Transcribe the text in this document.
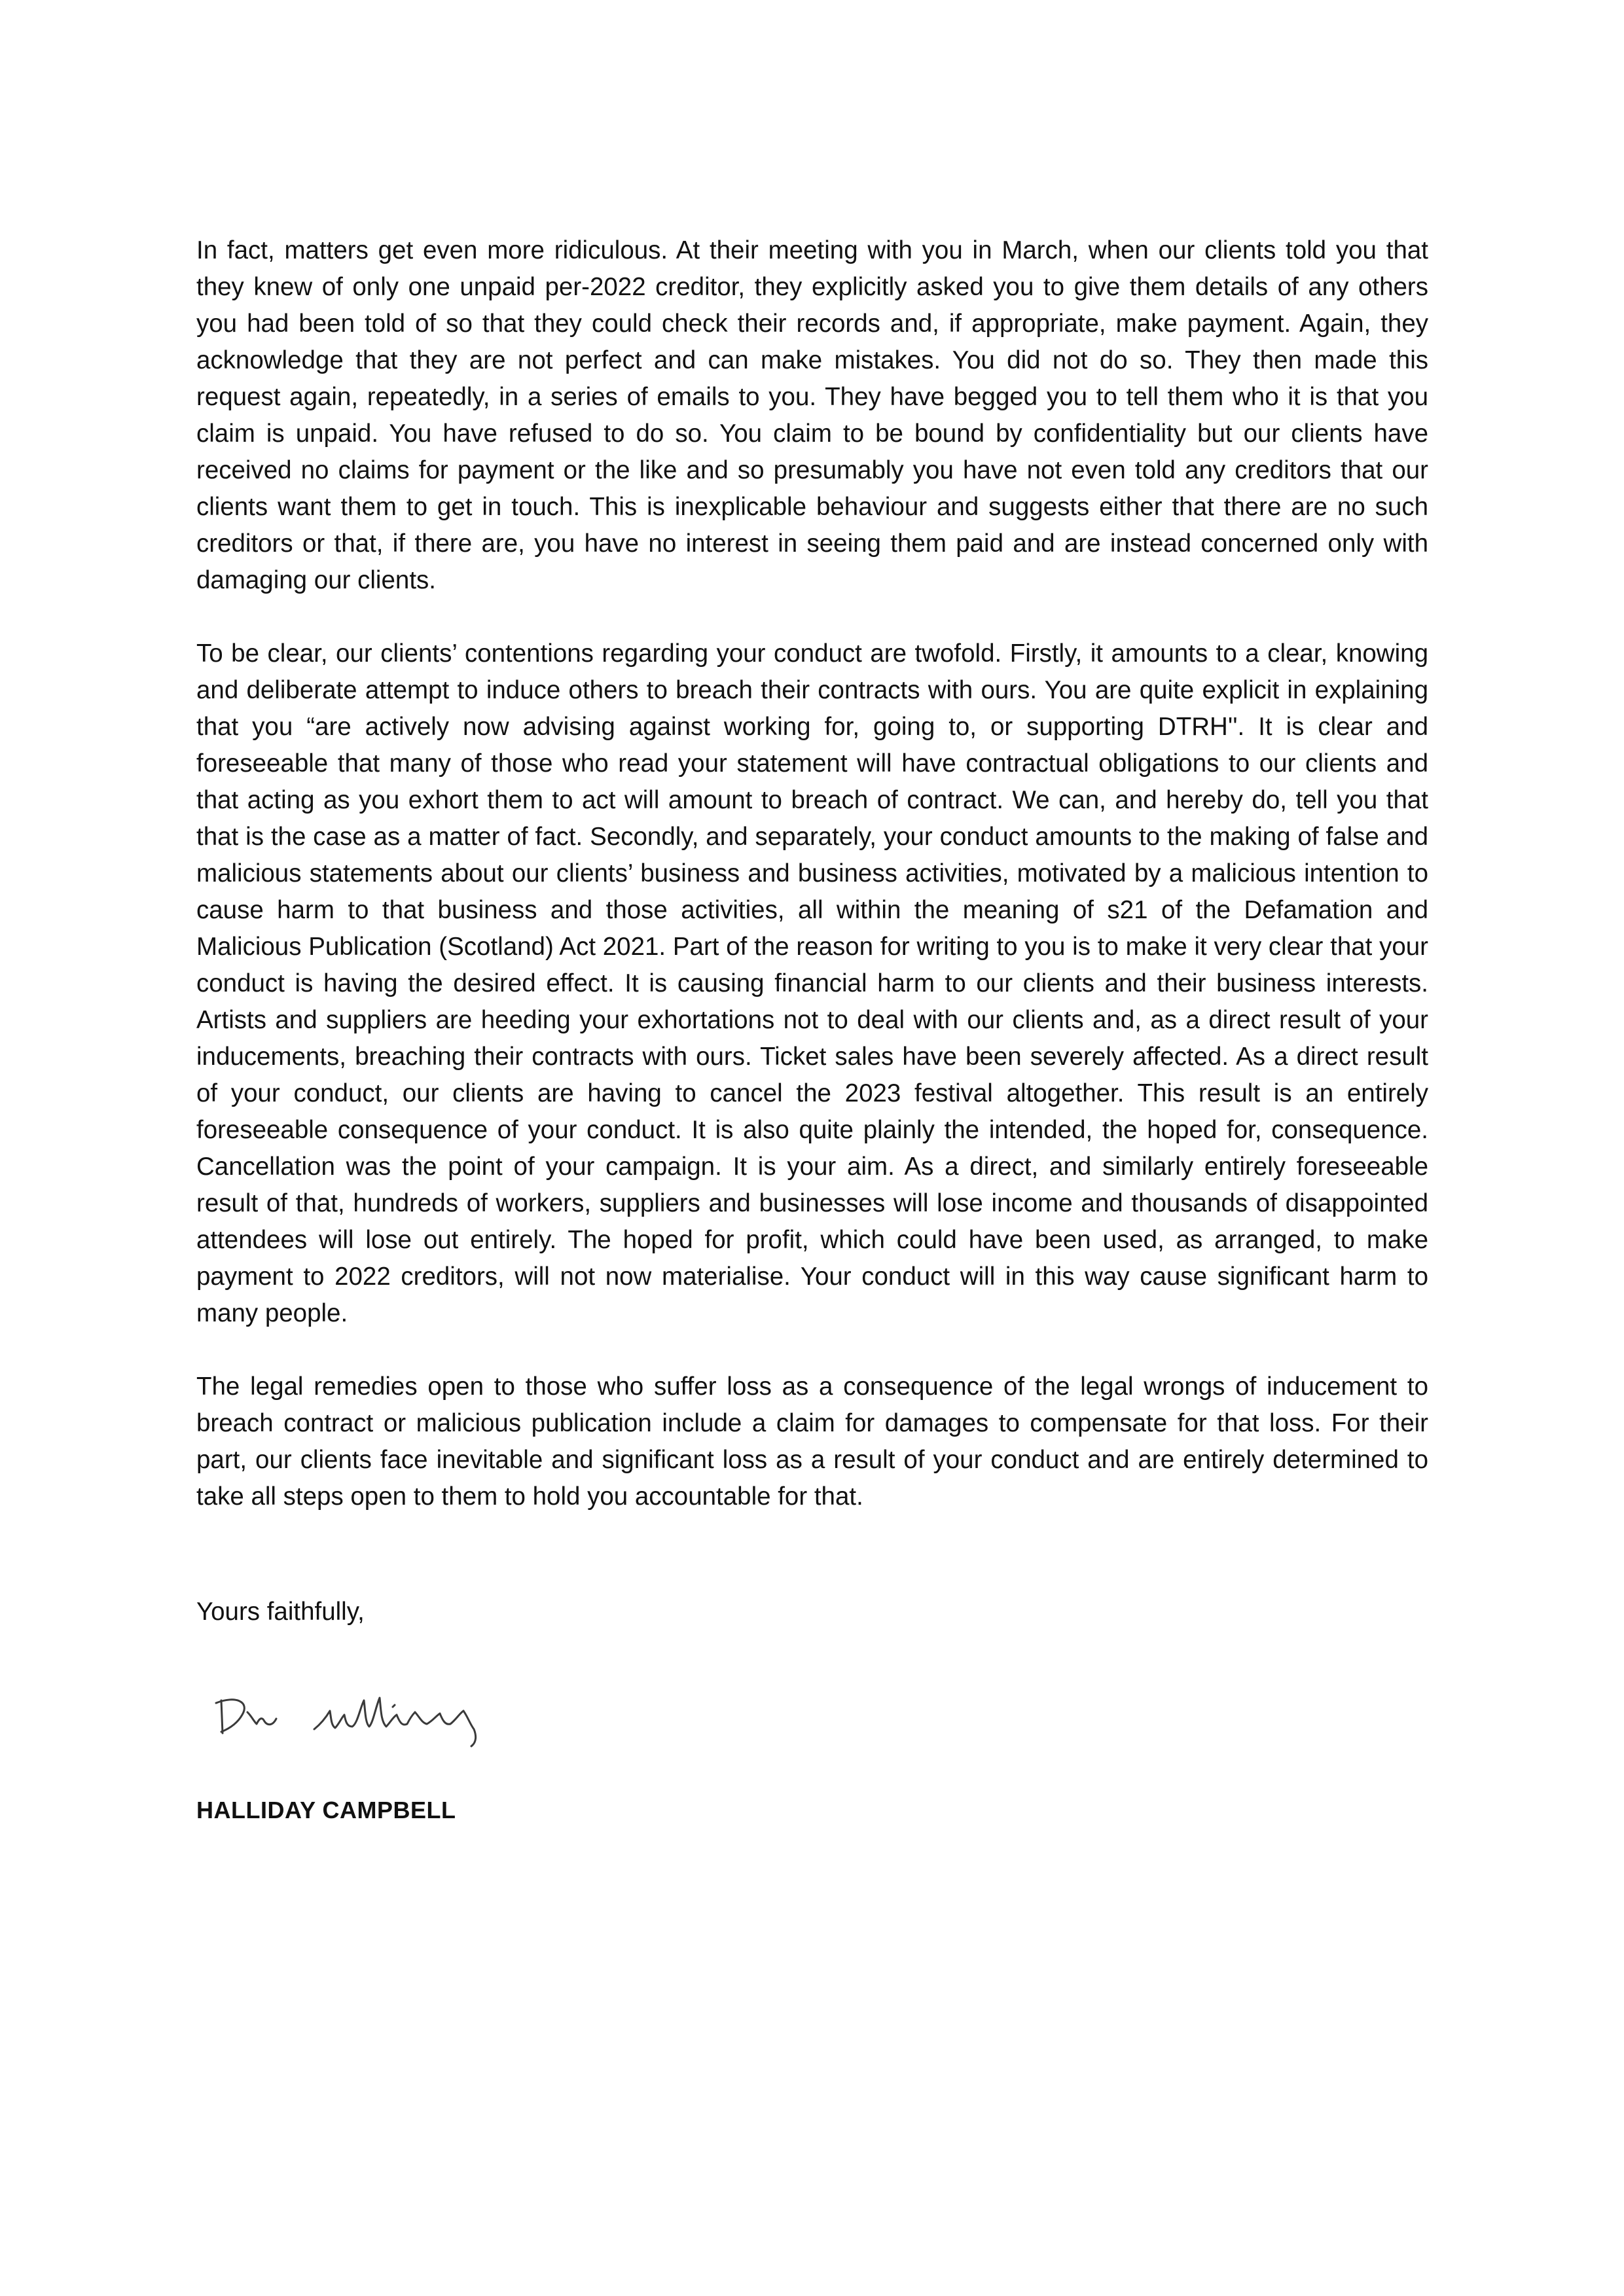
In fact, matters get even more ridiculous. At their meeting with you in March, when our clients told you that they knew of only one unpaid per-2022 creditor, they explicitly asked you to give them details of any others you had been told of so that they could check their records and, if appropriate, make payment. Again, they acknowledge that they are not perfect and can make mistakes. You did not do so. They then made this request again, repeatedly, in a series of emails to you. They have begged you to tell them who it is that you claim is unpaid. You have refused to do so. You claim to be bound by confidentiality but our clients have received no claims for payment or the like and so presumably you have not even told any creditors that our clients want them to get in touch. This is inexplicable behaviour and suggests either that there are no such creditors or that, if there are, you have no interest in seeing them paid and are instead concerned only with damaging our clients.

To be clear, our clients’ contentions regarding your conduct are twofold. Firstly, it amounts to a clear, knowing and deliberate attempt to induce others to breach their contracts with ours. You are quite explicit in explaining that you “are actively now advising against working for, going to, or supporting DTRH''. It is clear and foreseeable that many of those who read your statement will have contractual obligations to our clients and that acting as you exhort them to act will amount to breach of contract. We can, and hereby do, tell you that that is the case as a matter of fact. Secondly, and separately, your conduct amounts to the making of false and malicious statements about our clients’ business and business activities, motivated by a malicious intention to cause harm to that business and those activities, all within the meaning of s21 of the Defamation and Malicious Publication (Scotland) Act 2021. Part of the reason for writing to you is to make it very clear that your conduct is having the desired effect. It is causing financial harm to our clients and their business interests. Artists and suppliers are heeding your exhortations not to deal with our clients and, as a direct result of your inducements, breaching their contracts with ours. Ticket sales have been severely affected. As a direct result of your conduct, our clients are having to cancel the 2023 festival altogether. This result is an entirely foreseeable consequence of your conduct. It is also quite plainly the intended, the hoped for, consequence. Cancellation was the point of your campaign. It is your aim. As a direct, and similarly entirely foreseeable result of that, hundreds of workers, suppliers and businesses will lose income and thousands of disappointed attendees will lose out entirely. The hoped for profit, which could have been used, as arranged, to make payment to 2022 creditors, will not now materialise. Your conduct will in this way cause significant harm to many people.

The legal remedies open to those who suffer loss as a consequence of the legal wrongs of inducement to breach contract or malicious publication include a claim for damages to compensate for that loss. For their part, our clients face inevitable and significant loss as a result of your conduct and are entirely determined to take all steps open to them to hold you accountable for that.

Yours faithfully,

HALLIDAY CAMPBELL
